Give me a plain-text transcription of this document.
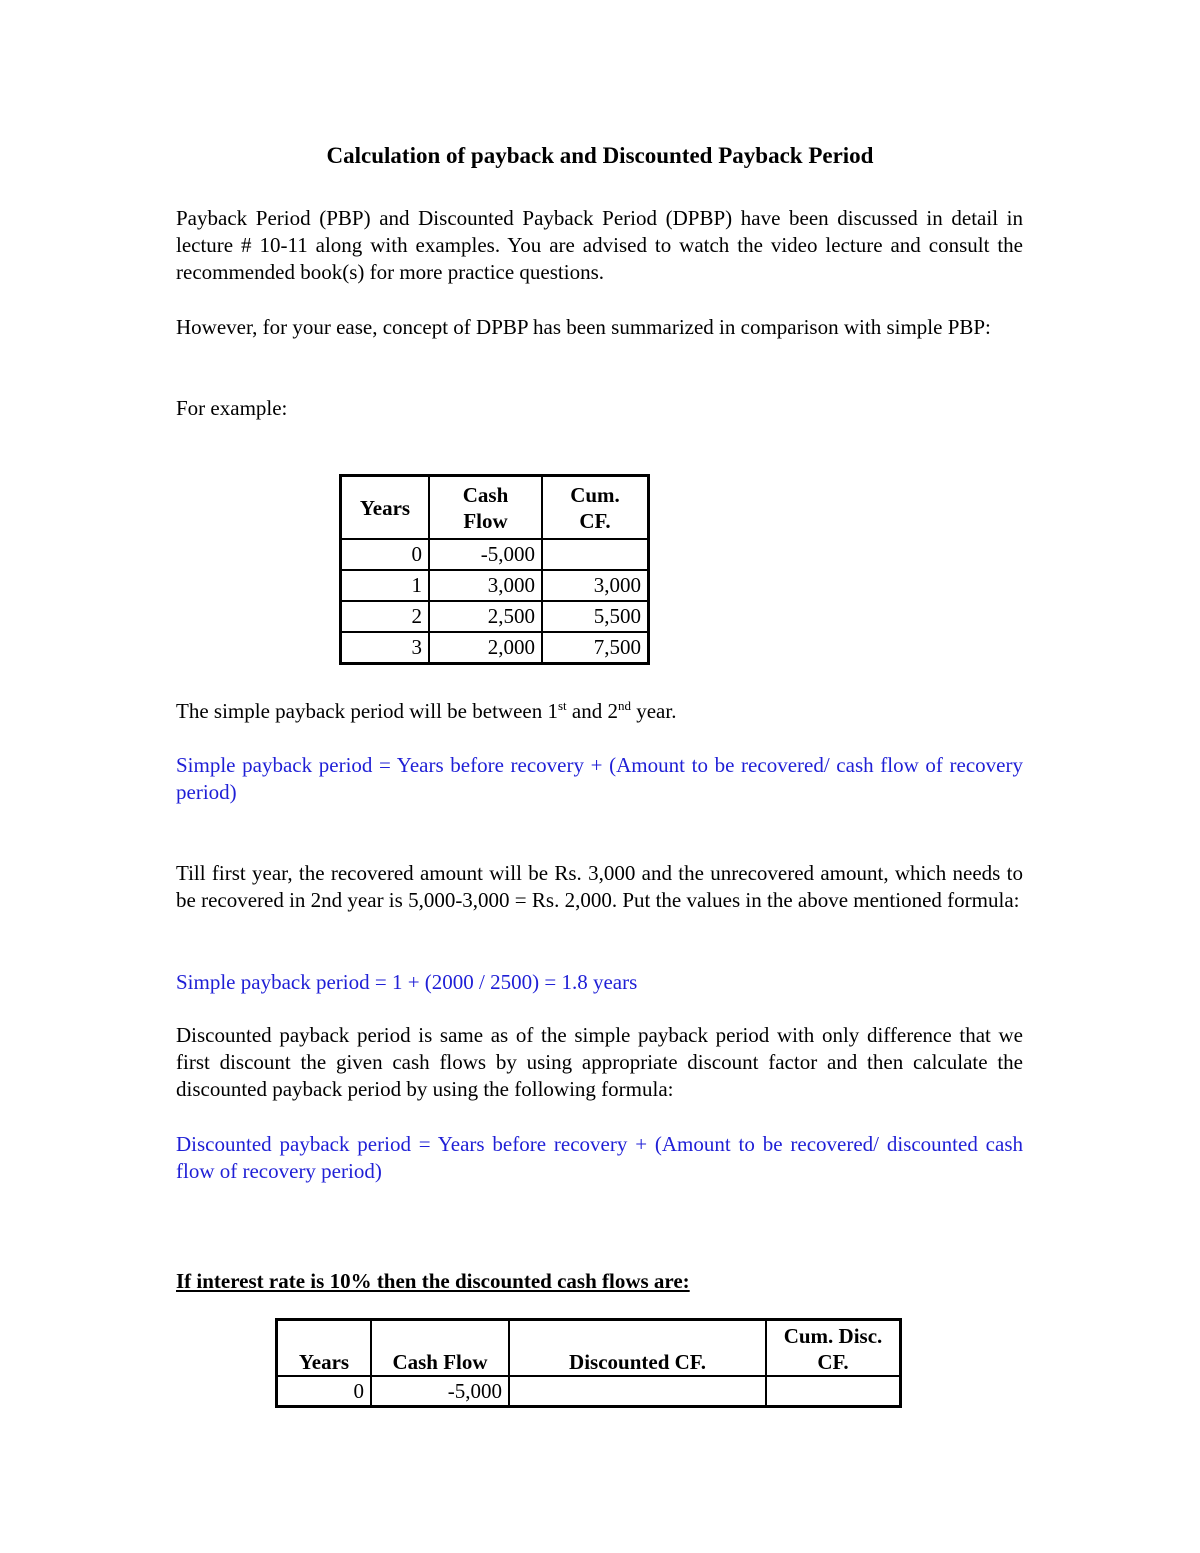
Calculation of payback and Discounted Payback Period

Payback Period (PBP) and Discounted Payback Period (DPBP) have been discussed in detail in lecture # 10-11 along with examples. You are advised to watch the video lecture and consult the recommended book(s) for more practice questions.

However, for your ease, concept of DPBP has been summarized in comparison with simple PBP:

For example:

Years	Cash Flow	Cum. CF.
0	-5,000	
1	3,000	3,000
2	2,500	5,500
3	2,000	7,500

The simple payback period will be between 1st and 2nd year.

Simple payback period = Years before recovery + (Amount to be recovered/ cash flow of recovery period)

Till first year, the recovered amount will be Rs. 3,000 and the unrecovered amount, which needs to be recovered in 2nd year is 5,000-3,000 = Rs. 2,000. Put the values in the above mentioned formula:

Simple payback period = 1 + (2000 / 2500) = 1.8 years

Discounted payback period is same as of the simple payback period with only difference that we first discount the given cash flows by using appropriate discount factor and then calculate the discounted payback period by using the following formula:

Discounted payback period = Years before recovery + (Amount to be recovered/ discounted cash flow of recovery period)

If interest rate is 10% then the discounted cash flows are:

Years	Cash Flow	Discounted CF.	Cum. Disc. CF.
0	-5,000		
